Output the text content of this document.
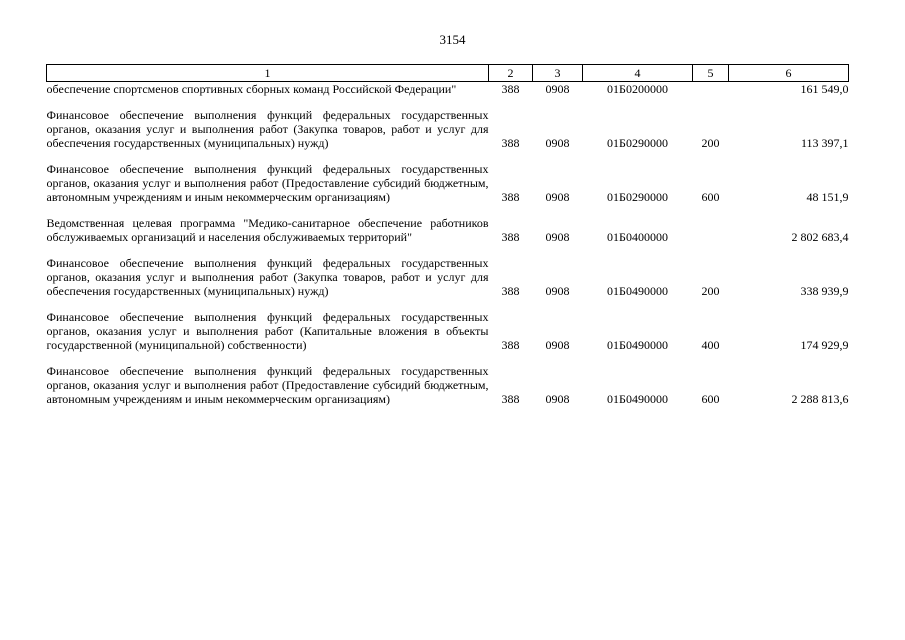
3154
1	2	3	4	5	6
обеспечение спортсменов спортивных сборных команд Российской Федерации"	388	0908	01Б0200000		161 549,0

Финансовое обеспечение выполнения функций федеральных государственных органов, оказания услуг и выполнения работ (Закупка товаров, работ и услуг для обеспечения государственных (муниципальных) нужд)	388	0908	01Б0290000	200	113 397,1

Финансовое обеспечение выполнения функций федеральных государственных органов, оказания услуг и выполнения работ (Предоставление субсидий бюджетным, автономным учреждениям и иным некоммерческим организациям)	388	0908	01Б0290000	600	48 151,9

Ведомственная целевая программа "Медико-санитарное обеспечение работников обслуживаемых организаций и населения обслуживаемых территорий"	388	0908	01Б0400000		2 802 683,4

Финансовое обеспечение выполнения функций федеральных государственных органов, оказания услуг и выполнения работ (Закупка товаров, работ и услуг для обеспечения государственных (муниципальных) нужд)	388	0908	01Б0490000	200	338 939,9

Финансовое обеспечение выполнения функций федеральных государственных органов, оказания услуг и выполнения работ (Капитальные вложения в объекты государственной (муниципальной) собственности)	388	0908	01Б0490000	400	174 929,9

Финансовое обеспечение выполнения функций федеральных государственных органов, оказания услуг и выполнения работ (Предоставление субсидий бюджетным, автономным учреждениям и иным некоммерческим организациям)	388	0908	01Б0490000	600	2 288 813,6
